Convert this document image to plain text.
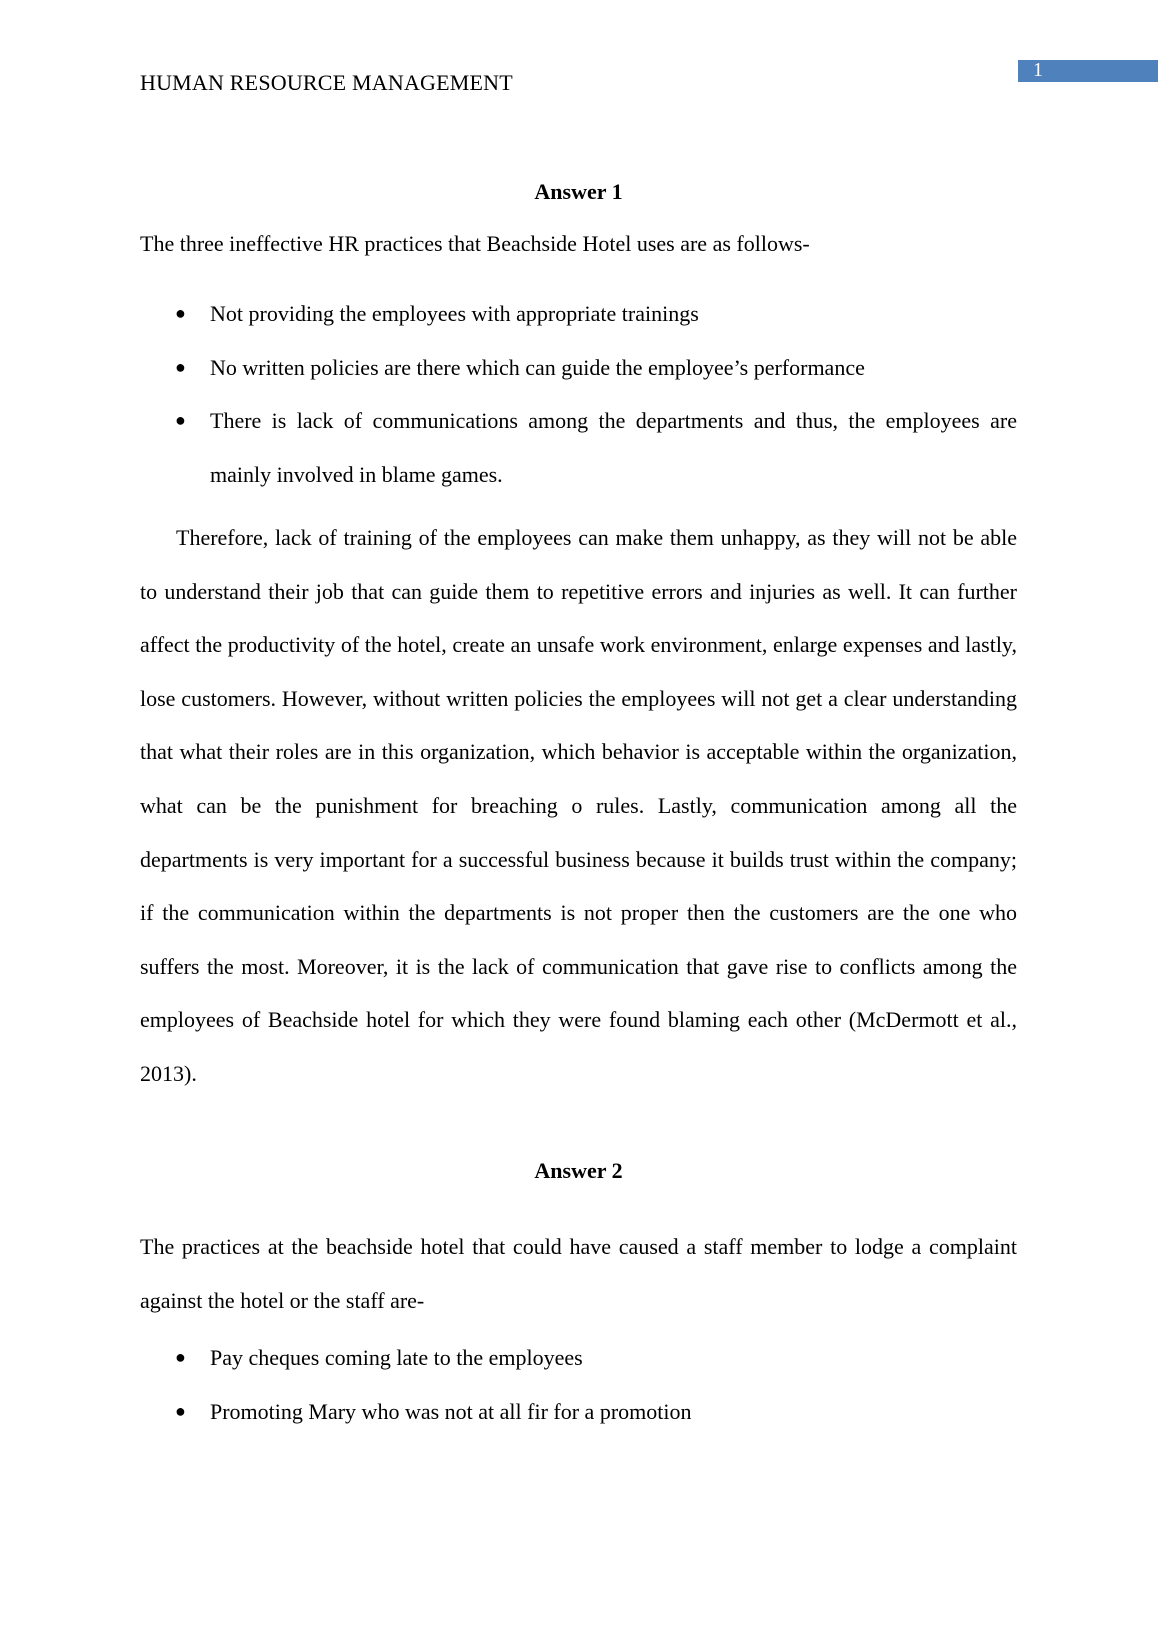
1
HUMAN RESOURCE MANAGEMENT
Answer 1
The three ineffective HR practices that Beachside Hotel uses are as follows-
● Not providing the employees with appropriate trainings
● No written policies are there which can guide the employee’s performance
● There is lack of communications among the departments and thus, the employees are mainly involved in blame games.

Therefore, lack of training of the employees can make them unhappy, as they will not be able to understand their job that can guide them to repetitive errors and injuries as well. It can further affect the productivity of the hotel, create an unsafe work environment, enlarge expenses and lastly, lose customers. However, without written policies the employees will not get a clear understanding that what their roles are in this organization, which behavior is acceptable within the organization, what can be the punishment for breaching o rules. Lastly, communication among all the departments is very important for a successful business because it builds trust within the company; if the communication within the departments is not proper then the customers are the one who suffers the most. Moreover, it is the lack of communication that gave rise to conflicts among the employees of Beachside hotel for which they were found blaming each other (McDermott et al., 2013).

Answer 2
The practices at the beachside hotel that could have caused a staff member to lodge a complaint against the hotel or the staff are-
● Pay cheques coming late to the employees
● Promoting Mary who was not at all fir for a promotion
